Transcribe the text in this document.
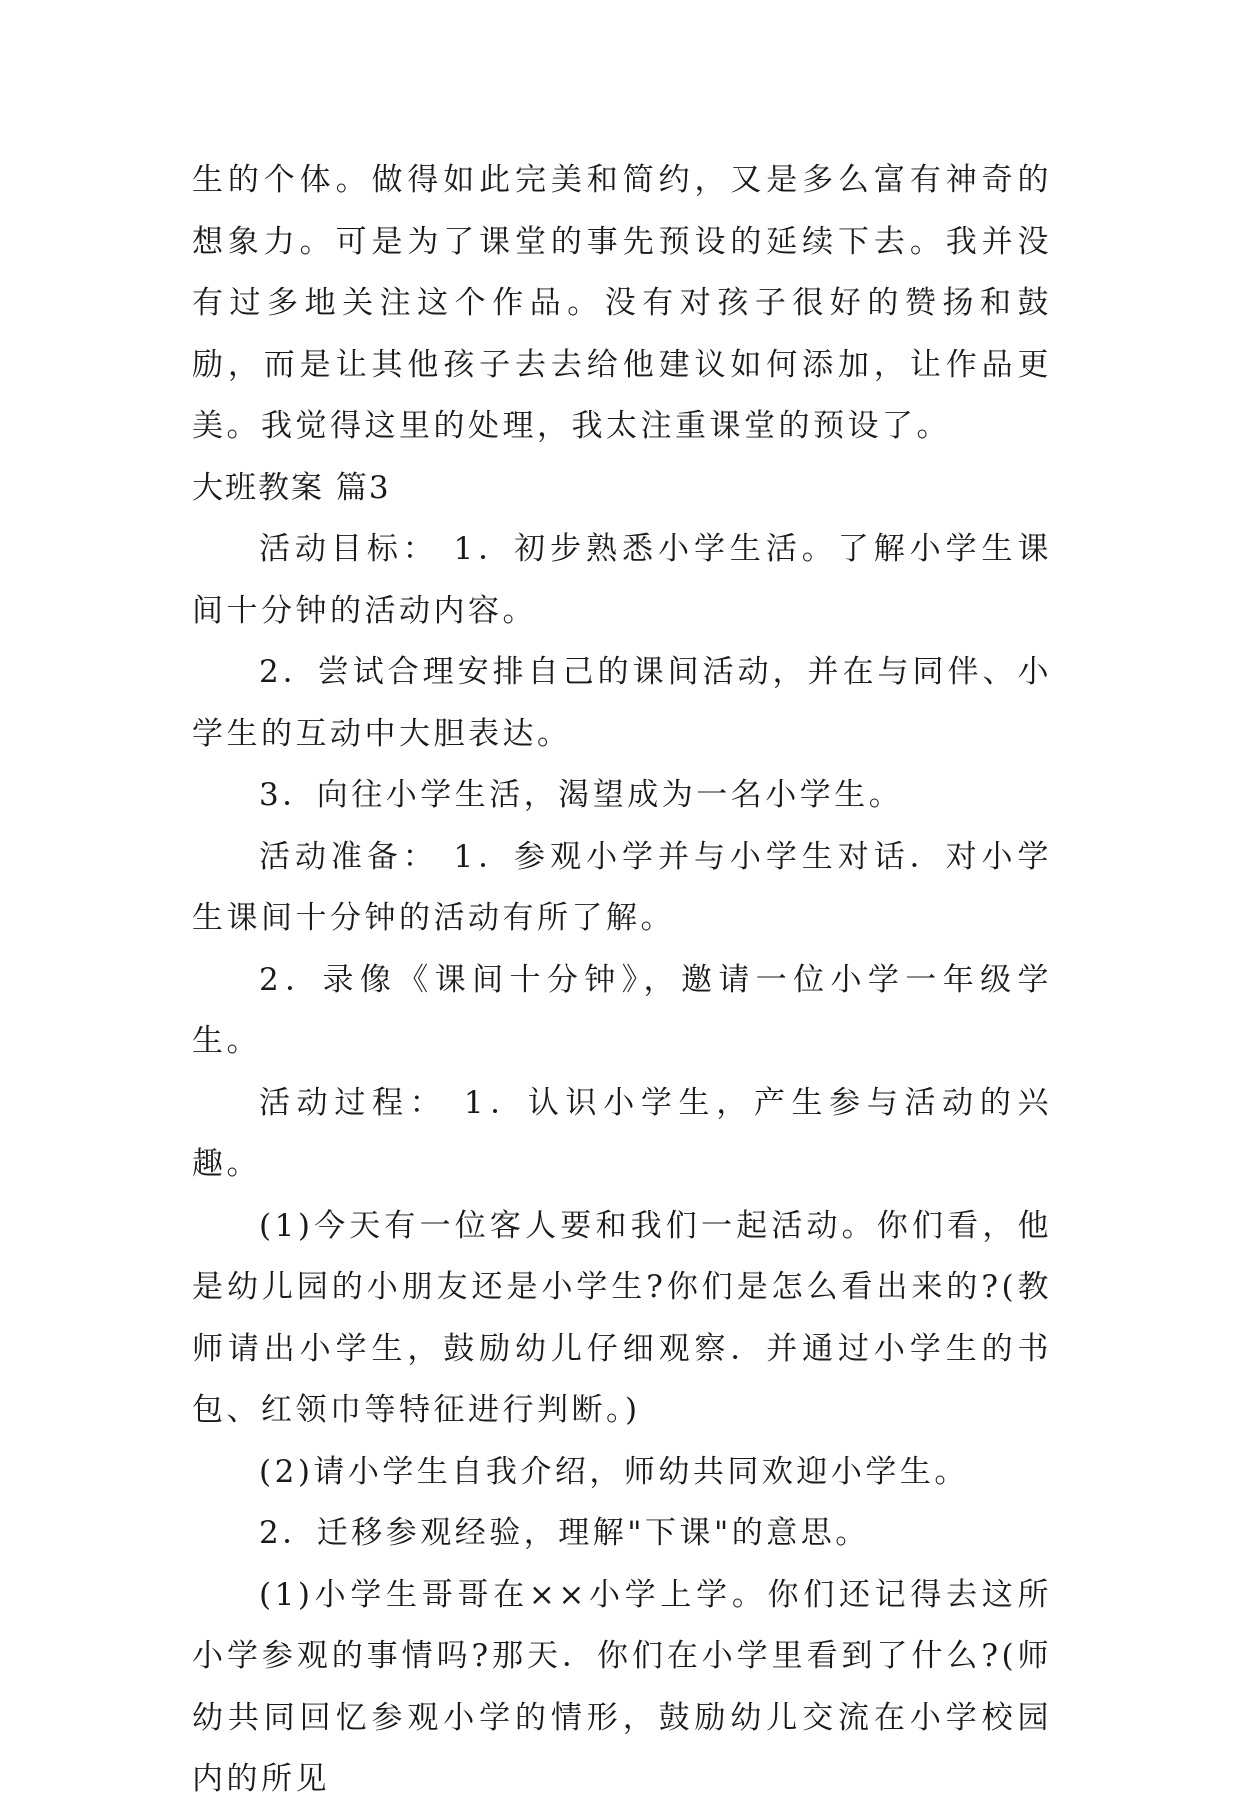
生的个体。做得如此完美和简约，又是多么富有神奇的想象力。可是为了课堂的事先预设的延续下去。我并没有过多地关注这个作品。没有对孩子很好的赞扬和鼓励，而是让其他孩子去去给他建议如何添加，让作品更美。我觉得这里的处理，我太注重课堂的预设了。

大班教案 篇3

活动目标： 1．初步熟悉小学生活。了解小学生课间十分钟的活动内容。

2．尝试合理安排自己的课间活动，并在与同伴、小学生的互动中大胆表达。

3．向往小学生活，渴望成为一名小学生。

活动准备： 1．参观小学并与小学生对话．对小学生课间十分钟的活动有所了解。

2．录像《课间十分钟》，邀请一位小学一年级学生。

活动过程： 1．认识小学生，产生参与活动的兴趣。

(1)今天有一位客人要和我们一起活动。你们看，他是幼儿园的小朋友还是小学生?你们是怎么看出来的?(教师请出小学生，鼓励幼儿仔细观察．并通过小学生的书包、红领巾等特征进行判断。)

(2)请小学生自我介绍，师幼共同欢迎小学生。

2．迁移参观经验，理解"下课"的意思。

(1)小学生哥哥在××小学上学。你们还记得去这所小学参观的事情吗?那天．你们在小学里看到了什么?(师幼共同回忆参观小学的情形，鼓励幼儿交流在小学校园内的所见
